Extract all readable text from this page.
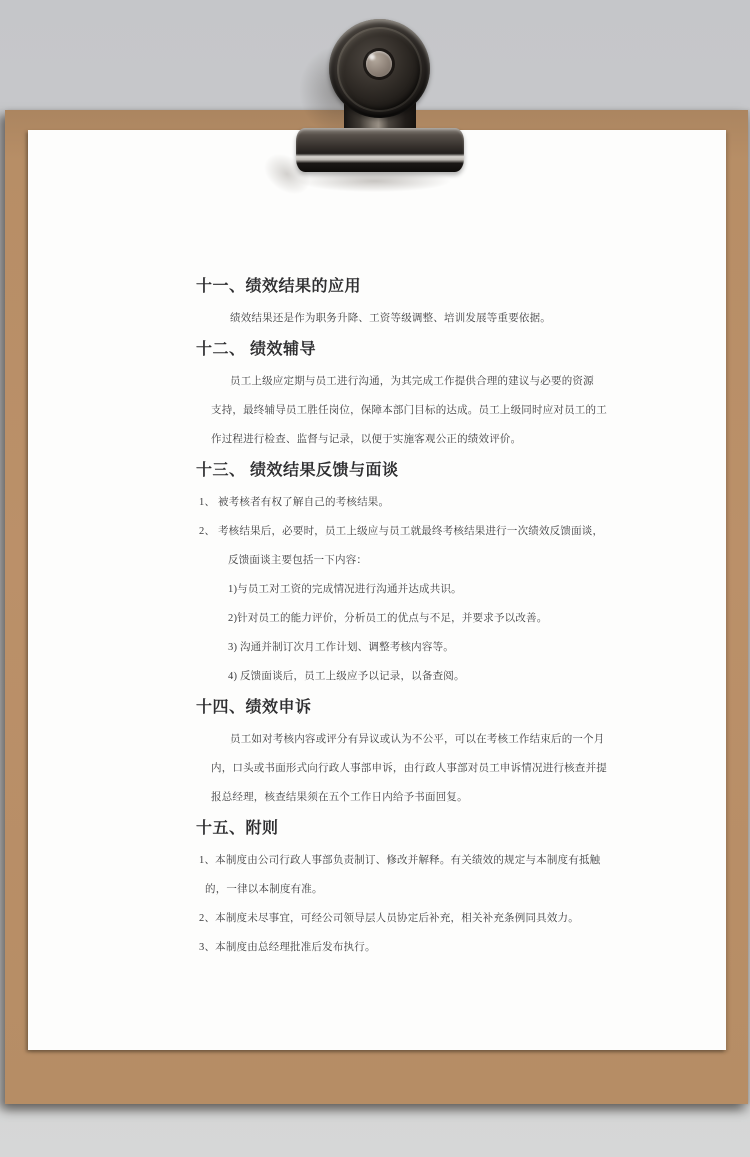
十一、绩效结果的应用
绩效结果还是作为职务升降、工资等级调整、培训发展等重要依据。
十二、 绩效辅导
员工上级应定期与员工进行沟通，为其完成工作提供合理的建议与必要的资源
支持，最终辅导员工胜任岗位，保障本部门目标的达成。员工上级同时应对员工的工
作过程进行检查、监督与记录，以便于实施客观公正的绩效评价。
十三、 绩效结果反馈与面谈
1、 被考核者有权了解自己的考核结果。
2、 考核结果后，必要时，员工上级应与员工就最终考核结果进行一次绩效反馈面谈，
反馈面谈主要包括一下内容：
1)与员工对工资的完成情况进行沟通并达成共识。
2)针对员工的能力评价，分析员工的优点与不足，并要求予以改善。
3) 沟通并制订次月工作计划、调整考核内容等。
4) 反馈面谈后，员工上级应予以记录，以备查阅。
十四、绩效申诉
员工如对考核内容或评分有异议或认为不公平，可以在考核工作结束后的一个月
内，口头或书面形式向行政人事部申诉，由行政人事部对员工申诉情况进行核查并提
报总经理，核查结果须在五个工作日内给予书面回复。
十五、附则
1、本制度由公司行政人事部负责制订、修改并解释。有关绩效的规定与本制度有抵触
的，一律以本制度有准。
2、本制度未尽事宜，可经公司领导层人员协定后补充，相关补充条例同具效力。
3、本制度由总经理批准后发布执行。
